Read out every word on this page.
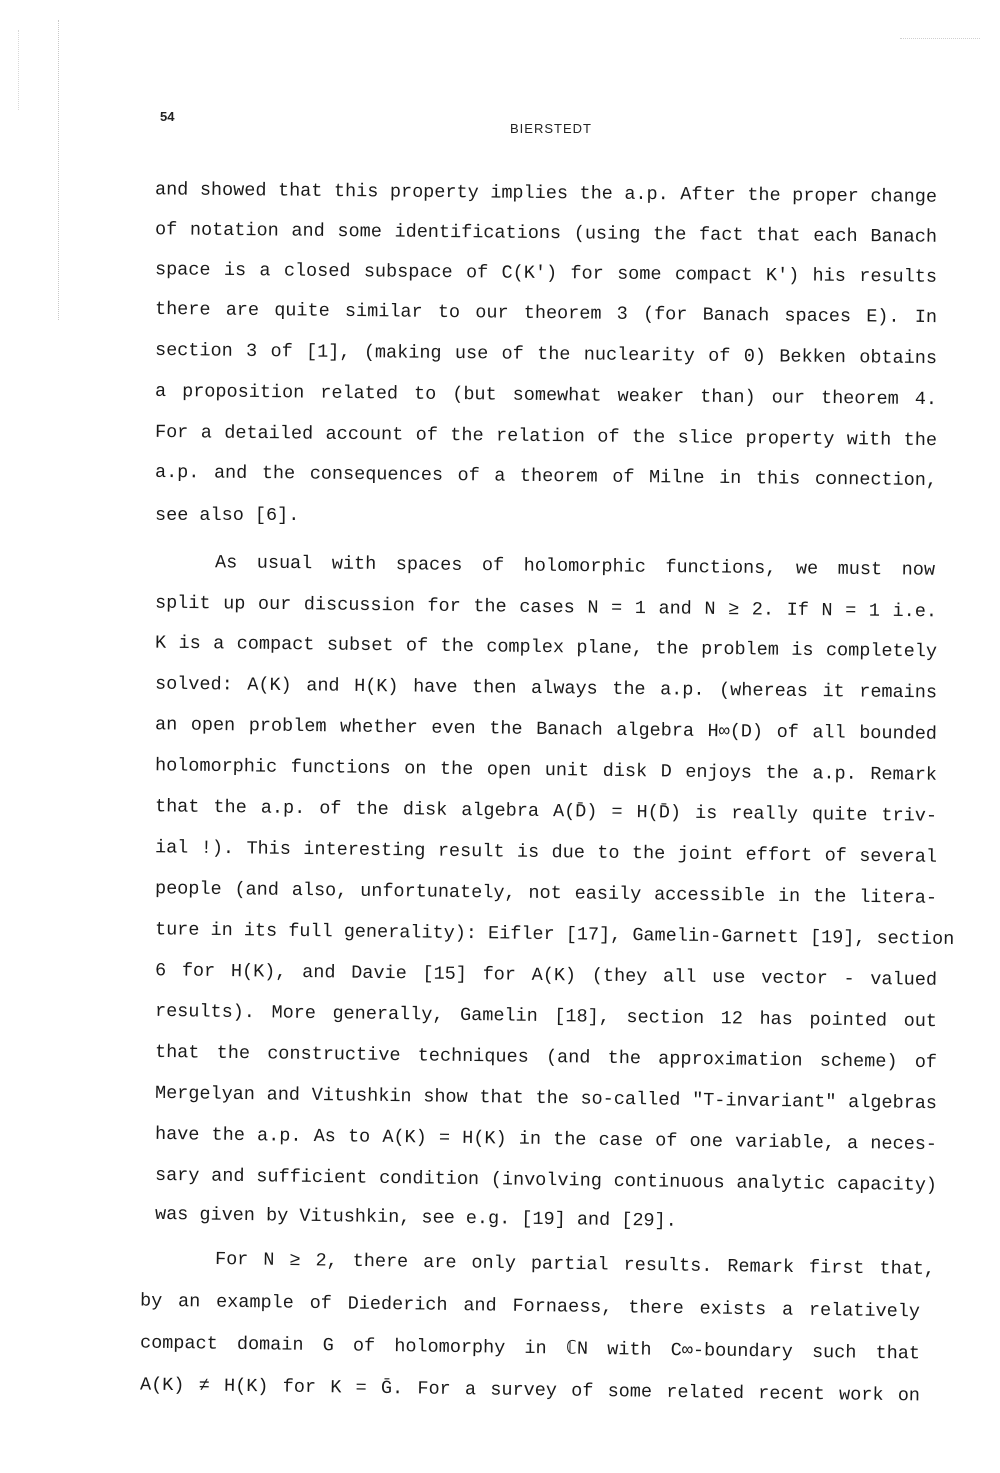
54
BIERSTEDT
and showed that this property implies the a.p. After the proper change
of notation and some identifications (using the fact that each Banach
space is a closed subspace of C(K') for some compact K') his results
there are quite similar to our theorem 3 (for Banach spaces E). In
section 3 of [1], (making use of the nuclearity of 0) Bekken obtains
a proposition related to (but somewhat weaker than) our theorem 4.
For a detailed account of the relation of the slice property with the
a.p. and the consequences of a theorem of Milne in this connection,
see also [6].
As usual with spaces of holomorphic functions, we must now
split up our discussion for the cases N = 1 and N ≥ 2. If N = 1 i.e.
K is a compact subset of the complex plane, the problem is completely
solved: A(K) and H(K) have then always the a.p. (whereas it remains
an open problem whether even the Banach algebra H∞(D) of all bounded
holomorphic functions on the open unit disk D enjoys the a.p. Remark
that the a.p. of the disk algebra A(D̄) = H(D̄) is really quite triv-
ial !). This interesting result is due to the joint effort of several
people (and also, unfortunately, not easily accessible in the litera-
ture in its full generality): Eifler [17], Gamelin-Garnett [19], section
6 for H(K), and Davie [15] for A(K) (they all use vector - valued
results). More generally, Gamelin [18], section 12 has pointed out
that the constructive techniques (and the approximation scheme) of
Mergelyan and Vitushkin show that the so-called "T-invariant" algebras
have the a.p. As to A(K) = H(K) in the case of one variable, a neces-
sary and sufficient condition (involving continuous analytic capacity)
was given by Vitushkin, see e.g. [19] and [29].
For N ≥ 2, there are only partial results. Remark first that,
by an example of Diederich and Fornaess, there exists a relatively
compact domain G of holomorphy in ℂN with C∞-boundary such that
A(K) ≠ H(K) for K = Ḡ. For a survey of some related recent work on
